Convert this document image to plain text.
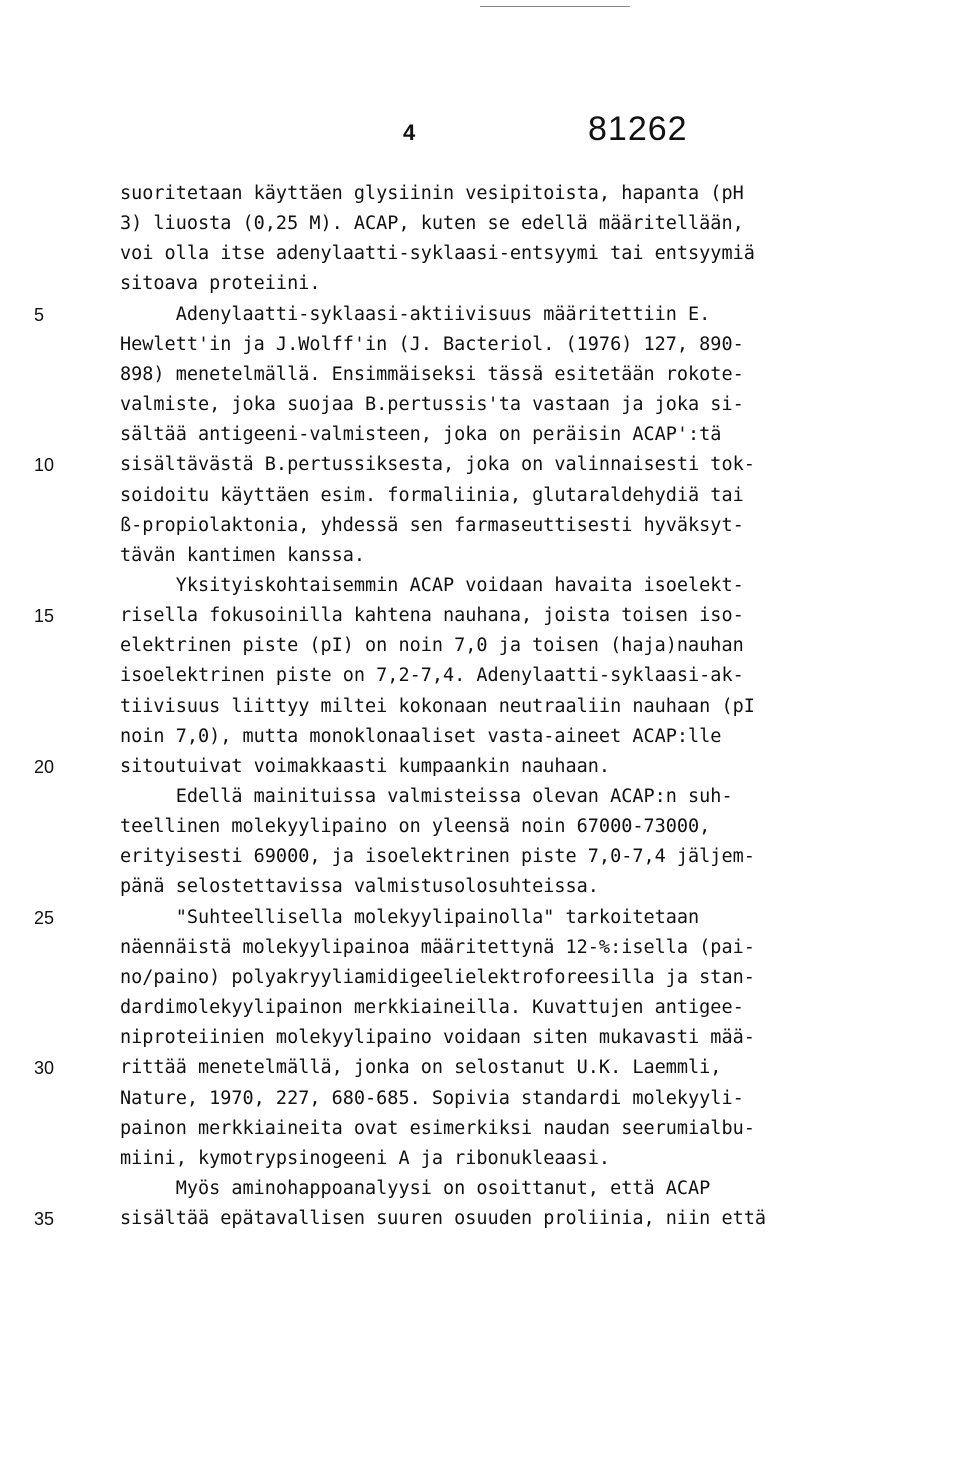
4	81262
suoritetaan käyttäen glysiinin vesipitoista, hapanta (pH
3) liuosta (0,25 M). ACAP, kuten se edellä määritellään,
voi olla itse adenylaatti-syklaasi-entsyymi tai entsyymiä
sitoava proteiini.
Adenylaatti-syklaasi-aktiivisuus määritettiin E.
Hewlett'in ja J.Wolff'in (J. Bacteriol. (1976) 127, 890-
898) menetelmällä. Ensimmäiseksi tässä esitetään rokote-
valmiste, joka suojaa B.pertussis'ta vastaan ja joka si-
sältää antigeeni-valmisteen, joka on peräisin ACAP':tä
sisältävästä B.pertussiksesta, joka on valinnaisesti tok-
soidoitu käyttäen esim. formaliinia, glutaraldehydiä tai
ß-propiolaktonia, yhdessä sen farmaseuttisesti hyväksyt-
tävän kantimen kanssa.
Yksityiskohtaisemmin ACAP voidaan havaita isoelekt-
risella fokusoinilla kahtena nauhana, joista toisen iso-
elektrinen piste (pI) on noin 7,0 ja toisen (haja)nauhan
isoelektrinen piste on 7,2-7,4. Adenylaatti-syklaasi-ak-
tiivisuus liittyy miltei kokonaan neutraaliin nauhaan (pI
noin 7,0), mutta monoklonaaliset vasta-aineet ACAP:lle
sitoutuivat voimakkaasti kumpaankin nauhaan.
Edellä mainituissa valmisteissa olevan ACAP:n suh-
teellinen molekyylipaino on yleensä noin 67000-73000,
erityisesti 69000, ja isoelektrinen piste 7,0-7,4 jäljem-
pänä selostettavissa valmistusolosuhteissa.
"Suhteellisella molekyylipainolla" tarkoitetaan
näennäistä molekyylipainoa määritettynä 12-%:isella (pai-
no/paino) polyakryyliamidigeelielektroforeesilla ja stan-
dardimolekyylipainon merkkiaineilla. Kuvattujen antigee-
niproteiinien molekyylipaino voidaan siten mukavasti mää-
rittää menetelmällä, jonka on selostanut U.K. Laemmli,
Nature, 1970, 227, 680-685. Sopivia standardi molekyyli-
painon merkkiaineita ovat esimerkiksi naudan seerumialbu-
miini, kymotrypsinogeeni A ja ribonukleaasi.
Myös aminohappoanalyysi on osoittanut, että ACAP
sisältää epätavallisen suuren osuuden proliinia, niin että
5
10
15
20
25
30
35
